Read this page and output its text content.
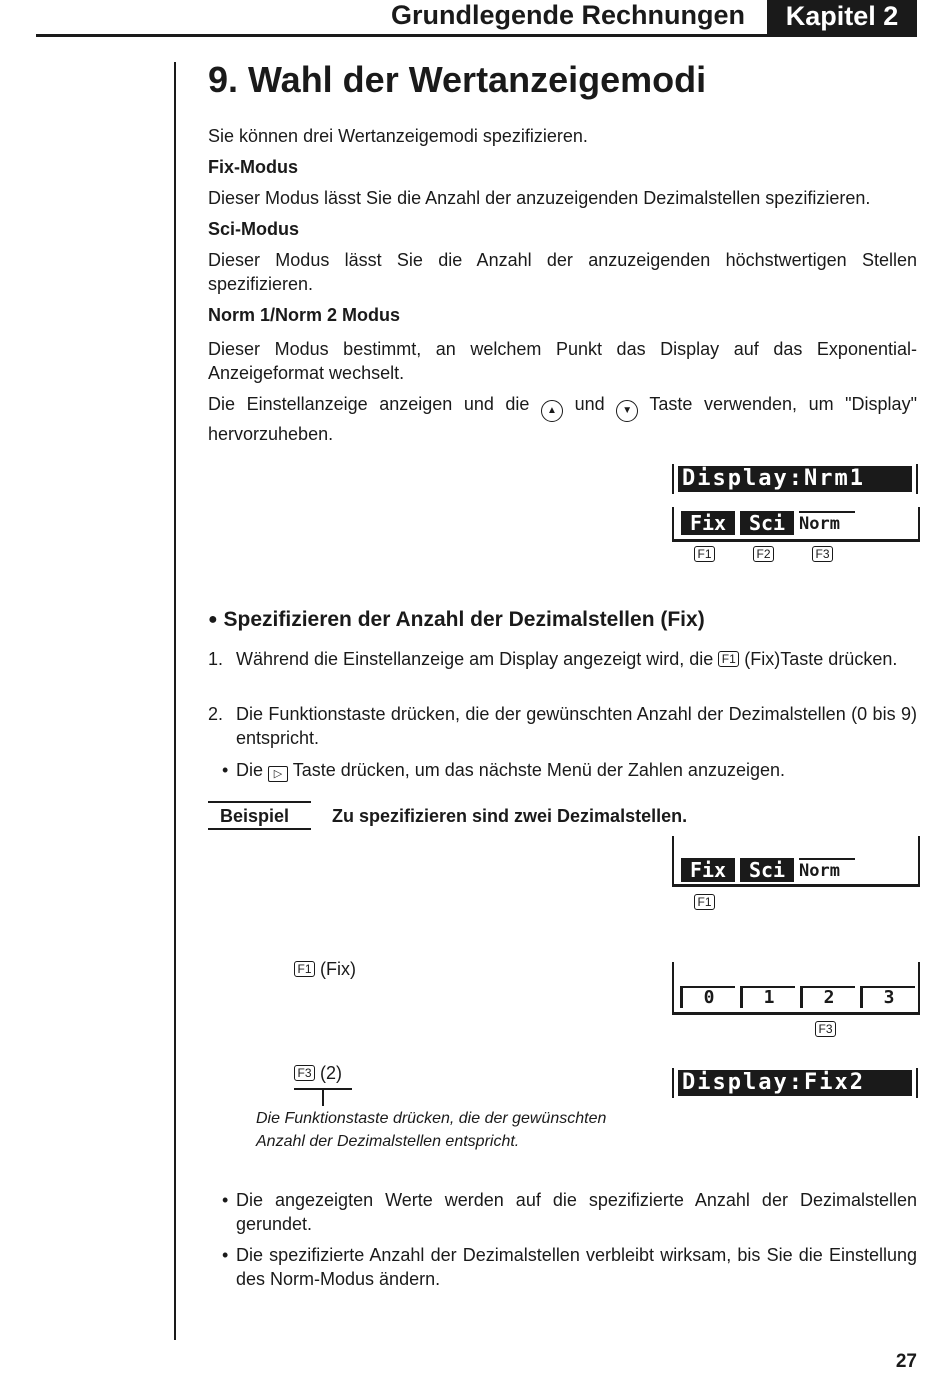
Grundlegende Rechnungen	Kapitel 2
9. Wahl der Wertanzeigemodi
Sie können drei Wertanzeigemodi spezifizieren.
Fix-Modus
Dieser Modus lässt Sie die Anzahl der anzuzeigenden Dezimalstellen spezifizieren.
Sci-Modus
Dieser Modus lässt Sie die Anzahl der anzuzeigenden höchstwertigen Stellen spezifizieren.
Norm 1/Norm 2 Modus
Dieser Modus bestimmt, an welchem Punkt das Display auf das Exponential-Anzeigeformat wechselt.
Die Einstellanzeige anzeigen und die ▲ und ▼ Taste verwenden, um "Display" hervorzuheben.
Display:Nrm1
Fix	Sci Norm
F1	F2	F3
● Spezifizieren der Anzahl der Dezimalstellen (Fix)
1. Während die Einstellanzeige am Display angezeigt wird, die F1 (Fix)Taste drücken.
2. Die Funktionstaste drücken, die der gewünschten Anzahl der Dezimalstellen (0 bis 9) entspricht.
• Die ▷ Taste drücken, um das nächste Menü der Zahlen anzuzeigen.
Beispiel Zu spezifizieren sind zwei Dezimalstellen.
Fix	Sci Norm
F1
F1 (Fix)
0	1	2	3
F3
F3 (2)
Die Funktionstaste drücken, die der gewünschten
Anzahl der Dezimalstellen entspricht.
Display:Fix2
• Die angezeigten Werte werden auf die spezifizierte Anzahl der Dezimalstellen gerundet.
• Die spezifizierte Anzahl der Dezimalstellen verbleibt wirksam, bis Sie die Einstellung des Norm-Modus ändern.
27
